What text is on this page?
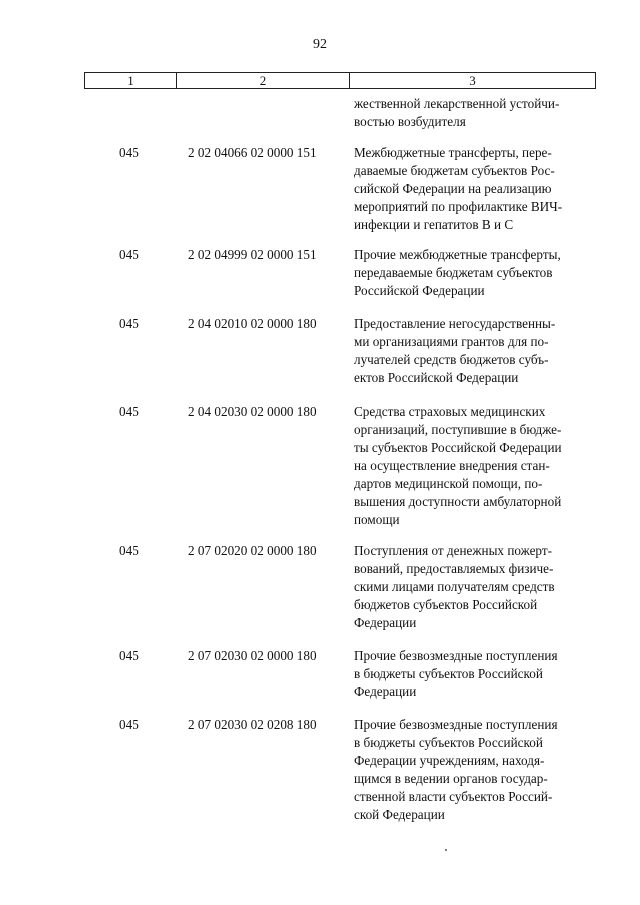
92
1	2	3
жественной лекарственной устойчи-
востью возбудителя
045	2 02 04066 02 0000 151	Межбюджетные трансферты, пере-
даваемые бюджетам субъектов Рос-
сийской Федерации на реализацию
мероприятий по профилактике ВИЧ-
инфекции и гепатитов B и C
045	2 02 04999 02 0000 151	Прочие межбюджетные трансферты,
передаваемые бюджетам субъектов
Российской Федерации
045	2 04 02010 02 0000 180	Предоставление негосударственны-
ми организациями грантов для по-
лучателей средств бюджетов субъ-
ектов Российской Федерации
045	2 04 02030 02 0000 180	Средства страховых медицинских
организаций, поступившие в бюдже-
ты субъектов Российской Федерации
на осуществление внедрения стан-
дартов медицинской помощи, по-
вышения доступности амбулаторной
помощи
045	2 07 02020 02 0000 180	Поступления от денежных пожерт-
вований, предоставляемых физиче-
скими лицами получателям средств
бюджетов субъектов Российской
Федерации
045	2 07 02030 02 0000 180	Прочие безвозмездные поступления
в бюджеты субъектов Российской
Федерации
045	2 07 02030 02 0208 180	Прочие безвозмездные поступления
в бюджеты субъектов Российской
Федерации учреждениям, находя-
щимся в ведении органов государ-
ственной власти субъектов Россий-
ской Федерации
